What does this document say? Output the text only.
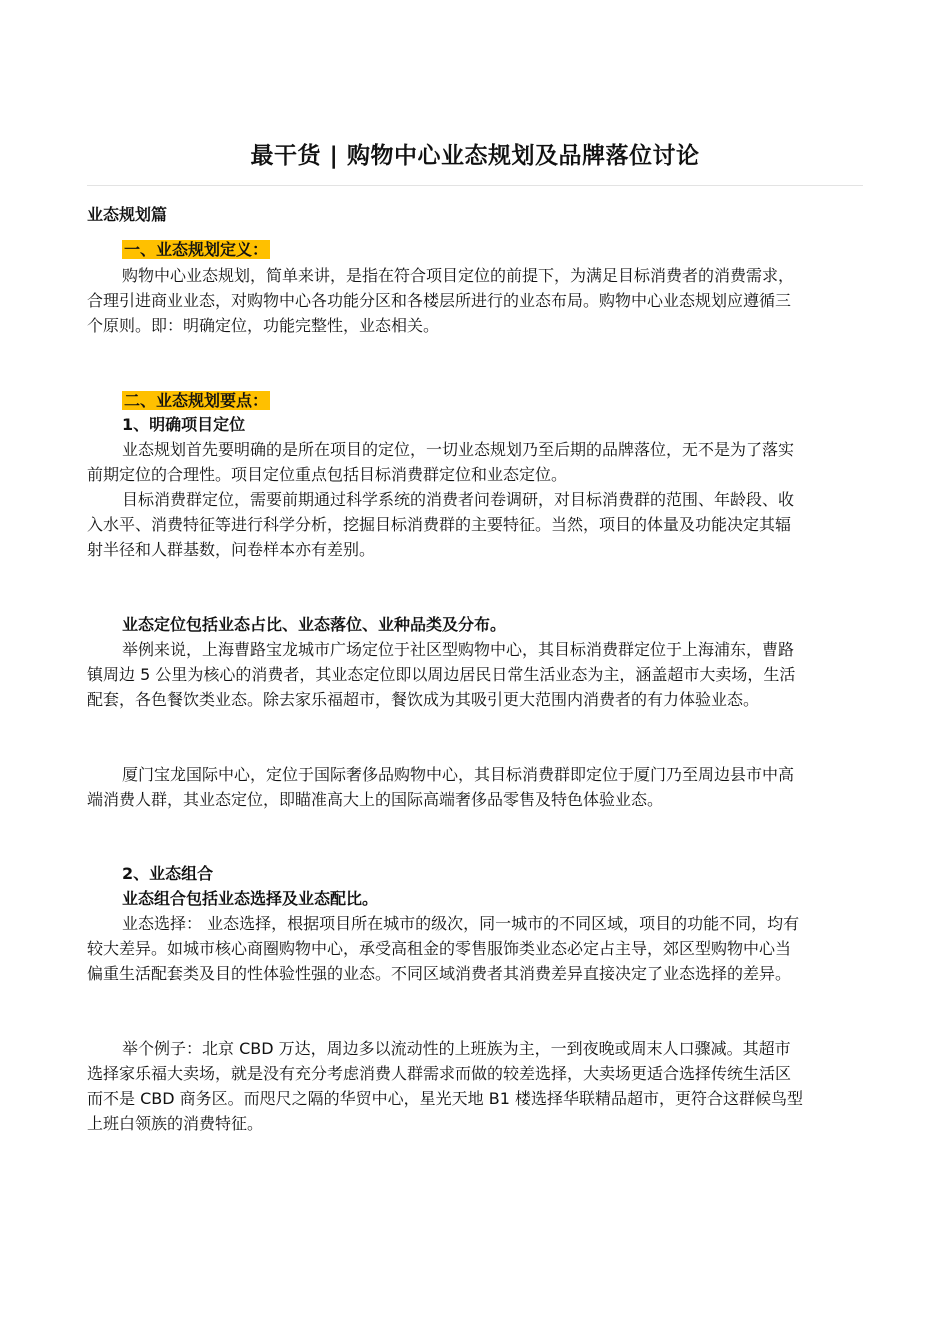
最干货 | 购物中心业态规划及品牌落位讨论
业态规划篇
一、业态规划定义：
购物中心业态规划，简单来讲，是指在符合项目定位的前提下，为满足目标消费者的消费需求，
合理引进商业业态，对购物中心各功能分区和各楼层所进行的业态布局。购物中心业态规划应遵循三
个原则。即：明确定位，功能完整性，业态相关。
二、业态规划要点：
1、明确项目定位
业态规划首先要明确的是所在项目的定位，一切业态规划乃至后期的品牌落位，无不是为了落实
前期定位的合理性。项目定位重点包括目标消费群定位和业态定位。
目标消费群定位，需要前期通过科学系统的消费者问卷调研，对目标消费群的范围、年龄段、收
入水平、消费特征等进行科学分析，挖掘目标消费群的主要特征。当然，项目的体量及功能决定其辐
射半径和人群基数，问卷样本亦有差别。
业态定位包括业态占比、业态落位、业种品类及分布。
举例来说，上海曹路宝龙城市广场定位于社区型购物中心，其目标消费群定位于上海浦东，曹路
镇周边 5 公里为核心的消费者，其业态定位即以周边居民日常生活业态为主，涵盖超市大卖场，生活
配套，各色餐饮类业态。除去家乐福超市，餐饮成为其吸引更大范围内消费者的有力体验业态。
厦门宝龙国际中心，定位于国际奢侈品购物中心，其目标消费群即定位于厦门乃至周边县市中高
端消费人群，其业态定位，即瞄准高大上的国际高端奢侈品零售及特色体验业态。
2、业态组合
业态组合包括业态选择及业态配比。
业态选择： 业态选择，根据项目所在城市的级次，同一城市的不同区域，项目的功能不同，均有
较大差异。如城市核心商圈购物中心，承受高租金的零售服饰类业态必定占主导，郊区型购物中心当
偏重生活配套类及目的性体验性强的业态。不同区域消费者其消费差异直接决定了业态选择的差异。
举个例子：北京 CBD 万达，周边多以流动性的上班族为主，一到夜晚或周末人口骤减。其超市
选择家乐福大卖场，就是没有充分考虑消费人群需求而做的较差选择，大卖场更适合选择传统生活区
而不是 CBD 商务区。而咫尺之隔的华贸中心，星光天地 B1 楼选择华联精品超市，更符合这群候鸟型
上班白领族的消费特征。
